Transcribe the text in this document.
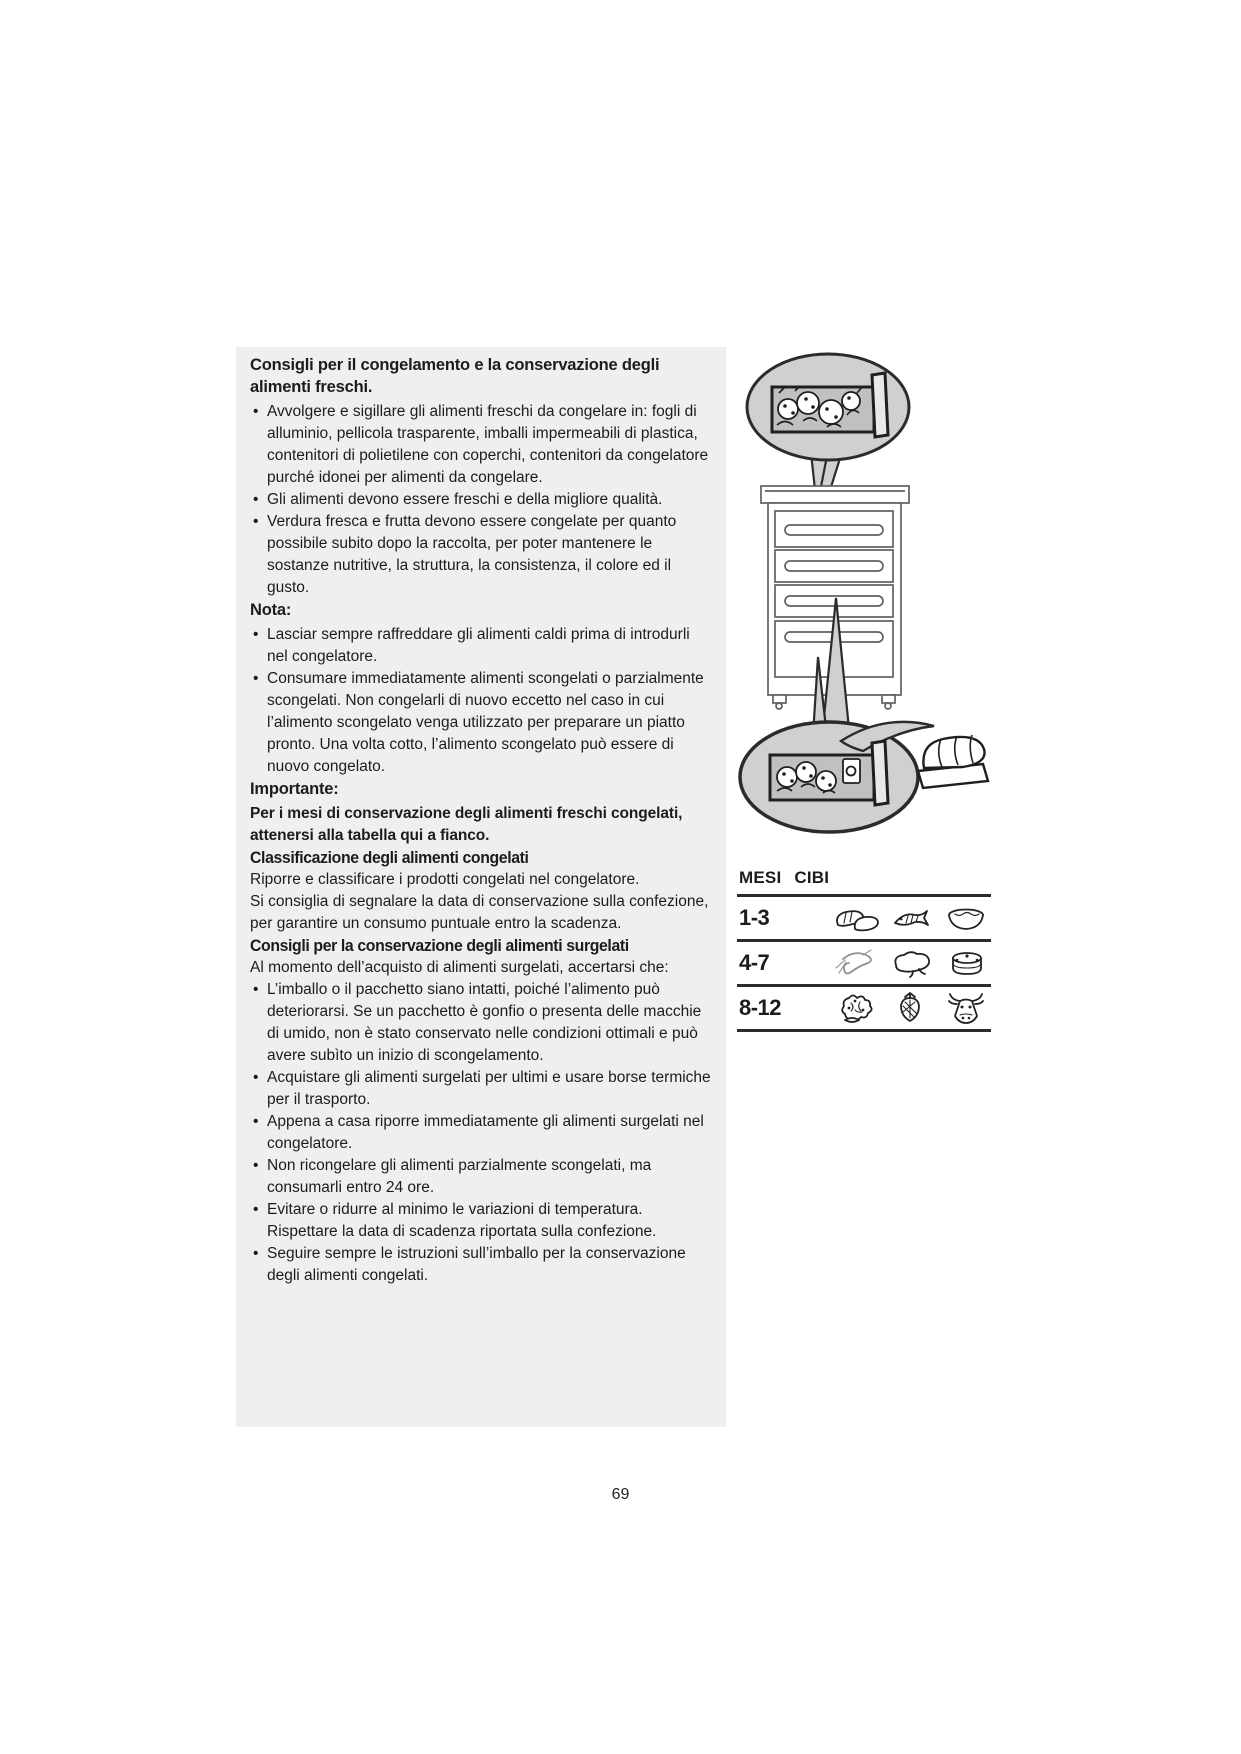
Consigli per il congelamento e la conservazione degli alimenti freschi.
• Avvolgere e sigillare gli alimenti freschi da congelare in: fogli di alluminio, pellicola trasparente, imballi impermeabili di plastica, contenitori di polietilene con coperchi, contenitori da congelatore purché idonei per alimenti da congelare.
• Gli alimenti devono essere freschi e della migliore qualità.
• Verdura fresca e frutta devono essere congelate per quanto possibile subito dopo la raccolta, per poter mantenere le sostanze nutritive, la struttura, la consistenza, il colore ed il gusto.
Nota:
• Lasciar sempre raffreddare gli alimenti caldi prima di introdurli nel congelatore.
• Consumare immediatamente alimenti scongelati o parzialmente scongelati. Non congelarli di nuovo eccetto nel caso in cui l’alimento scongelato venga utilizzato per preparare un piatto pronto. Una volta cotto, l’alimento scongelato può essere di nuovo congelato.
Importante:

Per i mesi di conservazione degli alimenti freschi congelati, attenersi alla tabella qui a fianco.

Classificazione degli alimenti congelati

Riporre e classificare i prodotti congelati nel congelatore.

Si consiglia di segnalare la data di conservazione sulla confezione, per garantire un consumo puntuale entro la scadenza.

Consigli per la conservazione degli alimenti surgelati

Al momento dell’acquisto di alimenti surgelati, accertarsi che:

• L’imballo o il pacchetto siano intatti, poiché l’alimento può deteriorarsi. Se un pacchetto è gonfio o presenta delle macchie di umido, non è stato conservato nelle condizioni ottimali e può avere subìto un inizio di scongelamento.
• Acquistare gli alimenti surgelati per ultimi e usare borse termiche per il trasporto.
• Appena a casa riporre immediatamente gli alimenti surgelati nel congelatore.
• Non ricongelare gli alimenti parzialmente scongelati, ma consumarli entro 24 ore.
• Evitare o ridurre al minimo le variazioni di temperatura. Rispettare la data di scadenza riportata sulla confezione.
• Seguire sempre le istruzioni sull’imballo per la conservazione degli alimenti congelati.
MESI CIBI
1-3
4-7
8-12
69
